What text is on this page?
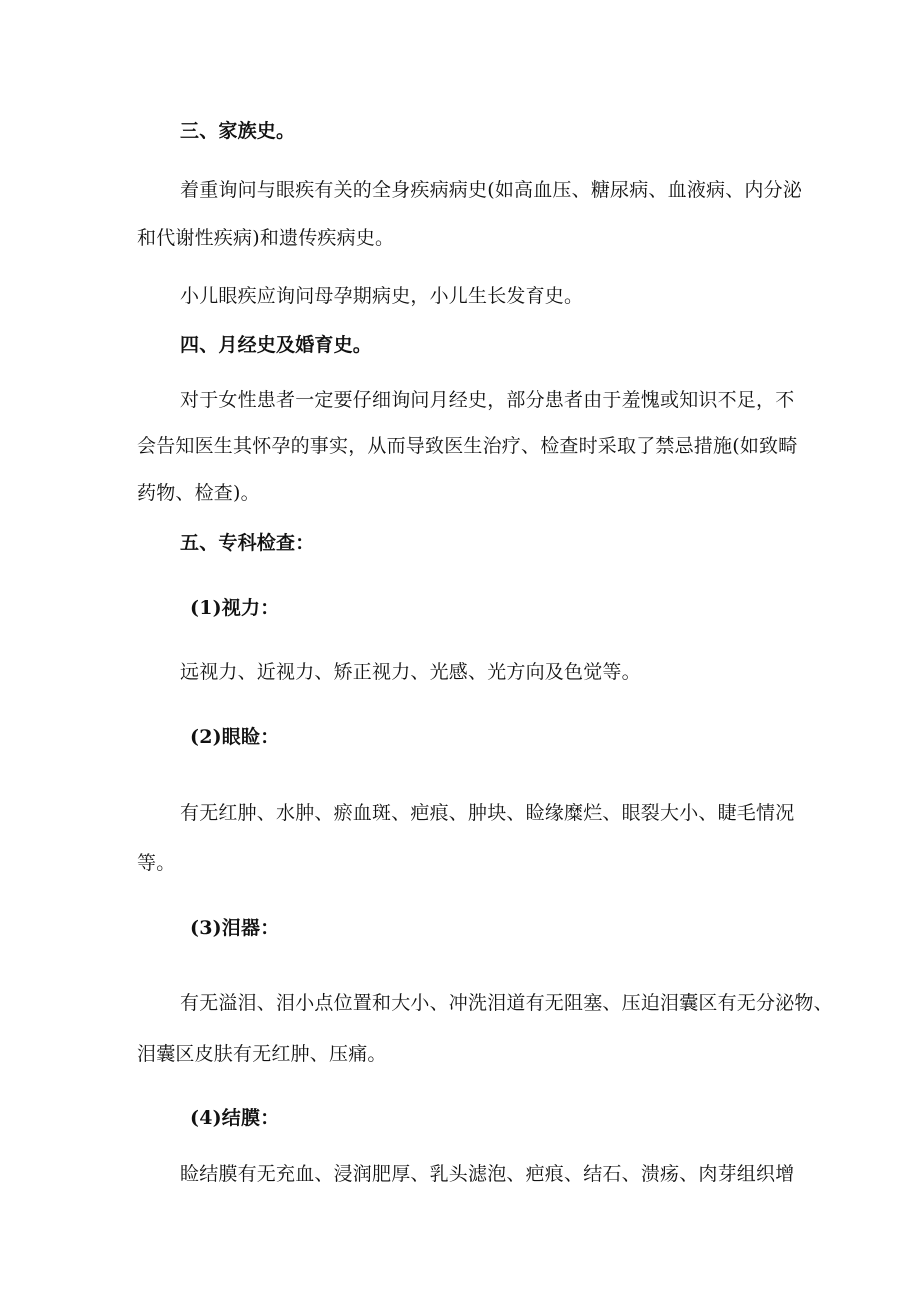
三、家族史。
着重询问与眼疾有关的全身疾病病史(如高血压、糖尿病、血液病、内分泌
和代谢性疾病)和遗传疾病史。
小儿眼疾应询问母孕期病史，小儿生长发育史。
四、月经史及婚育史。
对于女性患者一定要仔细询问月经史，部分患者由于羞愧或知识不足，不
会告知医生其怀孕的事实，从而导致医生治疗、检查时采取了禁忌措施(如致畸
药物、检查)。
五、专科检查：
(1)视力：
远视力、近视力、矫正视力、光感、光方向及色觉等。
(2)眼睑：
有无红肿、水肿、瘀血斑、疤痕、肿块、睑缘糜烂、眼裂大小、睫毛情况
等。
(3)泪器：
有无溢泪、泪小点位置和大小、冲洗泪道有无阻塞、压迫泪囊区有无分泌物、
泪囊区皮肤有无红肿、压痛。
(4)结膜：
睑结膜有无充血、浸润肥厚、乳头滤泡、疤痕、结石、溃疡、肉芽组织增
